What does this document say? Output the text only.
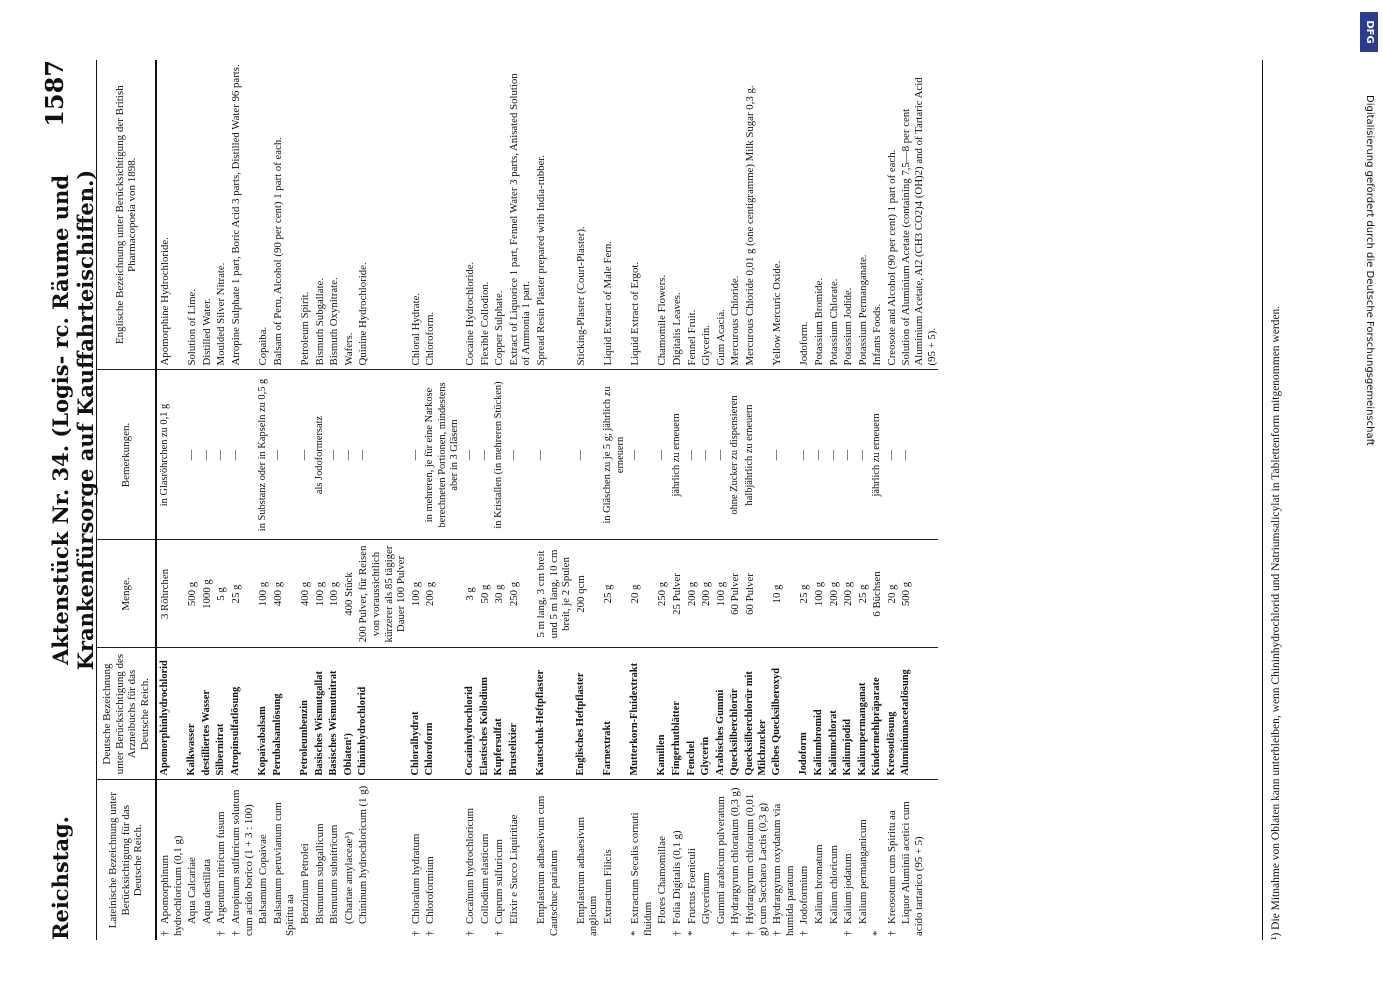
Reichstag.
Aktenstück Nr. 34. (Logis- rc. Räume und Krankenfürsorge auf Kauffahrteischiffen.)
1587
Lateinische Bezeichnung unter Berücksichtigung für das Deutsche Reich.	Deutsche Bezeichnung unter Berücksichtigung des Arzneibuchs für das Deutsche Reich.	Menge.	Bemerkungen.	Englische Bezeichnung unter Berücksichtigung der British Pharmacopoeia von 1898.
†Apomorphinum hydrochloricum (0,1 g)	Apomorphinhydrochlorid	3 Röhrchen	in Glasröhrchen zu 0,1 g	Apomorphine Hydrochloride.
Aqua Calcariae	Kalkwasser	500 g	—	Solution of Lime.
Aqua destillata	destilliertes Wasser	1000 g	—	Distilled Water.
†Argentum nitricum fusum	Silbernitrat	5 g	—	Moulded Silver Nitrate.
†Atropinum sulfuricum solutum cum acido borico (1 + 3 : 100)	Atropinsulfatlösung	25 g	—	Atropine Sulphate 1 part, Boric Acid 3 parts, Distilled Water 96 parts.
Balsamum Copaivae	Kopaivabalsam	100 g	in Substanz oder in Kapseln zu 0,5 g	Copaiba.
Balsamum peruvianum cum Spiritu aa	Perubalsamlösung	400 g	—	Balsam of Peru, Alcohol (90 per cent) 1 part of each.
Benzinum Petrolei	Petroleumbenzin	400 g	—	Petroleum Spirit.
Bismutum subgallicum	Basisches Wismutgallat	100 g	als Jodoformersatz	Bismuth Subgallate.
Bismutum subnitricum	Basisches Wismutnitrat	100 g	—	Bismuth Oxynitrate.
(Chartae amylaceae¹)	Oblaten¹)	400 Stück	—	Wafers.
Chininum hydrochloricum (1 g)	Chininhydrochlorid	200 Pulver, für Reisen von voraussichtlich kürzerer als 85 tägiger Dauer 100 Pulver	—	Quinine Hydrochloride.
†Chloralum hydratum	Chloralhydrat	100 g	—	Chloral Hydrate.
†Chloroformium	Chloroform	200 g	in mehreren, je für eine Narkose berechneten Portionen, mindestens aber in 3 Gläsern	Chloroform.
†Cocaïnum hydrochloricum	Cocainhydrochlorid	3 g	—	Cocaine Hydrochloride.
Collodium elasticum	Elastisches Kollodium	50 g	—	Flexible Collodion.
†Cuprum sulfuricum	Kupfersulfat	30 g	in Kristallen (in mehreren Stücken)	Copper Sulphate.
Elixir e Succo Liquiritiae	Brustelixier	250 g	—	Extract of Liquorice 1 part, Fennel Water 3 parts, Anisated Solution of Ammonia 1 part.
Emplastrum adhaesivum cum Cautschuc pariatum	Kautschuk-Heftpflaster	5 m lang, 3 cm breit und 5 m lang, 10 cm breit, je 2 Spulen	—	Spread Resin Plaster prepared with India-rubber.
Emplastrum adhaesivum anglicum	Englisches Heftpflaster	200 qcm	—	Sticking-Plaster (Court-Plaster).
Extractum Filicis	Farnextrakt	25 g	in Gläschen zu je 5 g; jährlich zu erneuern	Liquid Extract of Male Fern.
*Extractum Secalis cornuti fluidum	Mutterkorn-Fluidextrakt	20 g	—	Liquid Extract of Ergot.
Flores Chamomillae	Kamillen	250 g	—	Chamomile Flowers.
†Folia Digitalis (0,1 g)	Fingerhutblätter	25 Pulver	jährlich zu erneuern	Digitalis Leaves.
*Fructus Foeniculi	Fenchel	200 g	—	Fennel Fruit.
Glycerinum	Glycerin	200 g	—	Glycerin.
Gummi arabicum pulveratum	Arabisches Gummi	100 g	—	Gum Acacia.
†Hydrargyrum chloratum (0,3 g)	Quecksilberchlorür	60 Pulver	ohne Zucker zu dispensieren	Mercurous Chloride.
†Hydrargyrum chloratum (0,01 g) cum Saccharo Lactis (0,3 g)	Quecksilberchlorür mit Milchzucker	60 Pulver	halbjährlich zu erneuern	Mercurous Chloride 0,01 g (one centigramme) Milk Sugar 0,3 g.
†Hydrargyrum oxydatum via humida paratum	Gelbes Quecksilberoxyd	10 g	—	Yellow Mercuric Oxide.
†Jodoformium	Jodoform	25 g	—	Jodoform.
Kalium bromatum	Kaliumbromid	100 g	—	Potassium Bromide.
Kalium chloricum	Kaliumchlorat	200 g	—	Potassium Chlorate.
†Kalium jodatum	Kaliumjodid	200 g	—	Potassium Jodide.
Kalium permanganicum	Kaliumpermanganat	25 g	—	Potassium Permanganate.
*	Kindermehlpräparate	6 Büchsen	jährlich zu erneuern	Infants Foods.
†Kreosotum cum Spiritu aa	Kreosotlösung	20 g	—	Creosote and Alcohol (90 per cent) 1 part of each.
Liquor Aluminii acetici cum acido tartarico (95 + 5)	Aluminiumacetatlösung	500 g	—	Solution of Aluminium Acetate (containing 7,5—8 per cent Aluminium Acetate, Al2 (CH3 CO2)4 (OH)2) and of Tartaric Acid (95 + 5).	¹) Die Mitnahme von Oblaten kann unterbleiben, wenn Chininhydrochlorid und Natriumsalicylat in Tablettenform mitgenommen werden.
DFG
Digitalisierung gefördert durch die Deutsche Forschungsgemeinschaft
